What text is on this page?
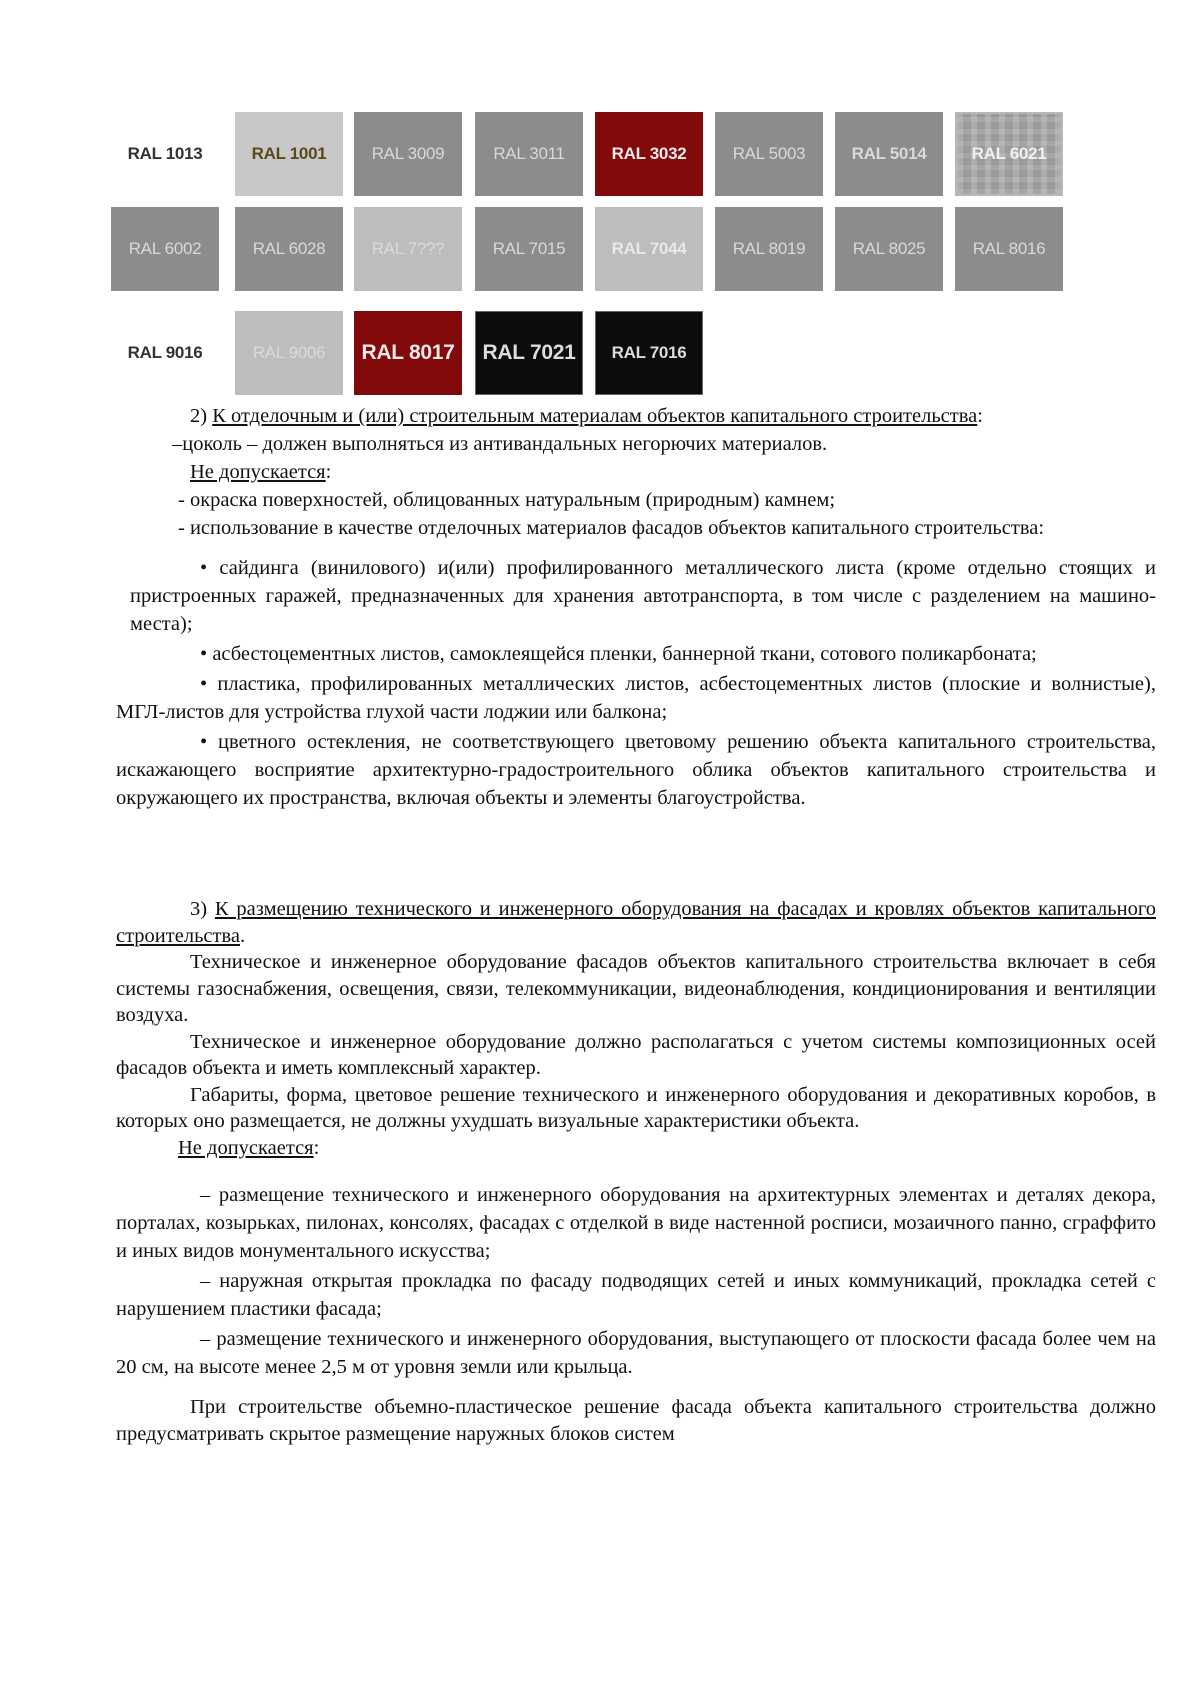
RAL 1013	RAL 1001	RAL 3009	RAL 3011	RAL 3032	RAL 5003	RAL 5014	RAL 6021
RAL 6002	RAL 6028	RAL 7???	RAL 7015	RAL 7044	RAL 8019	RAL 8025	RAL 8016
RAL 9016	RAL 9006	RAL 8017	RAL 7021	RAL 7016

2) К отделочным и (или) строительным материалам объектов капитального строительства:

–цоколь – должен выполняться из антивандальных негорючих материалов.

Не допускается:

- окраска поверхностей, облицованных натуральным (природным) камнем;

- использование в качестве отделочных материалов фасадов объектов капитального строительства:

• сайдинга (винилового) и(или) профилированного металлического листа (кроме отдельно стоящих и пристроенных гаражей, предназначенных для хранения автотранспорта, в том числе с разделением на машино-места);

• асбестоцементных листов, самоклеящейся пленки, баннерной ткани, сотового поликарбоната;

• пластика, профилированных металлических листов, асбестоцементных листов (плоские и волнистые), МГЛ-листов для устройства глухой части лоджии или балкона;

• цветного остекления, не соответствующего цветовому решению объекта капитального строительства, искажающего восприятие архитектурно-градостроительного облика объектов капитального строительства и окружающего их пространства, включая объекты и элементы благоустройства.

3) К размещению технического и инженерного оборудования на фасадах и кровлях объектов капитального строительства.

Техническое и инженерное оборудование фасадов объектов капитального строительства включает в себя системы газоснабжения, освещения, связи, телекоммуникации, видеонаблюдения, кондиционирования и вентиляции воздуха.

Техническое и инженерное оборудование должно располагаться с учетом системы композиционных осей фасадов объекта и иметь комплексный характер.

Габариты, форма, цветовое решение технического и инженерного оборудования и декоративных коробов, в которых оно размещается, не должны ухудшать визуальные характеристики объекта.

Не допускается:

– размещение технического и инженерного оборудования на архитектурных элементах и деталях декора, порталах, козырьках, пилонах, консолях, фасадах с отделкой в виде настенной росписи, мозаичного панно, сграффито и иных видов монументального искусства;

– наружная открытая прокладка по фасаду подводящих сетей и иных коммуникаций, прокладка сетей с нарушением пластики фасада;

– размещение технического и инженерного оборудования, выступающего от плоскости фасада более чем на 20 см, на высоте менее 2,5 м от уровня земли или крыльца.

При строительстве объемно-пластическое решение фасада объекта капитального строительства должно предусматривать скрытое размещение наружных блоков систем
